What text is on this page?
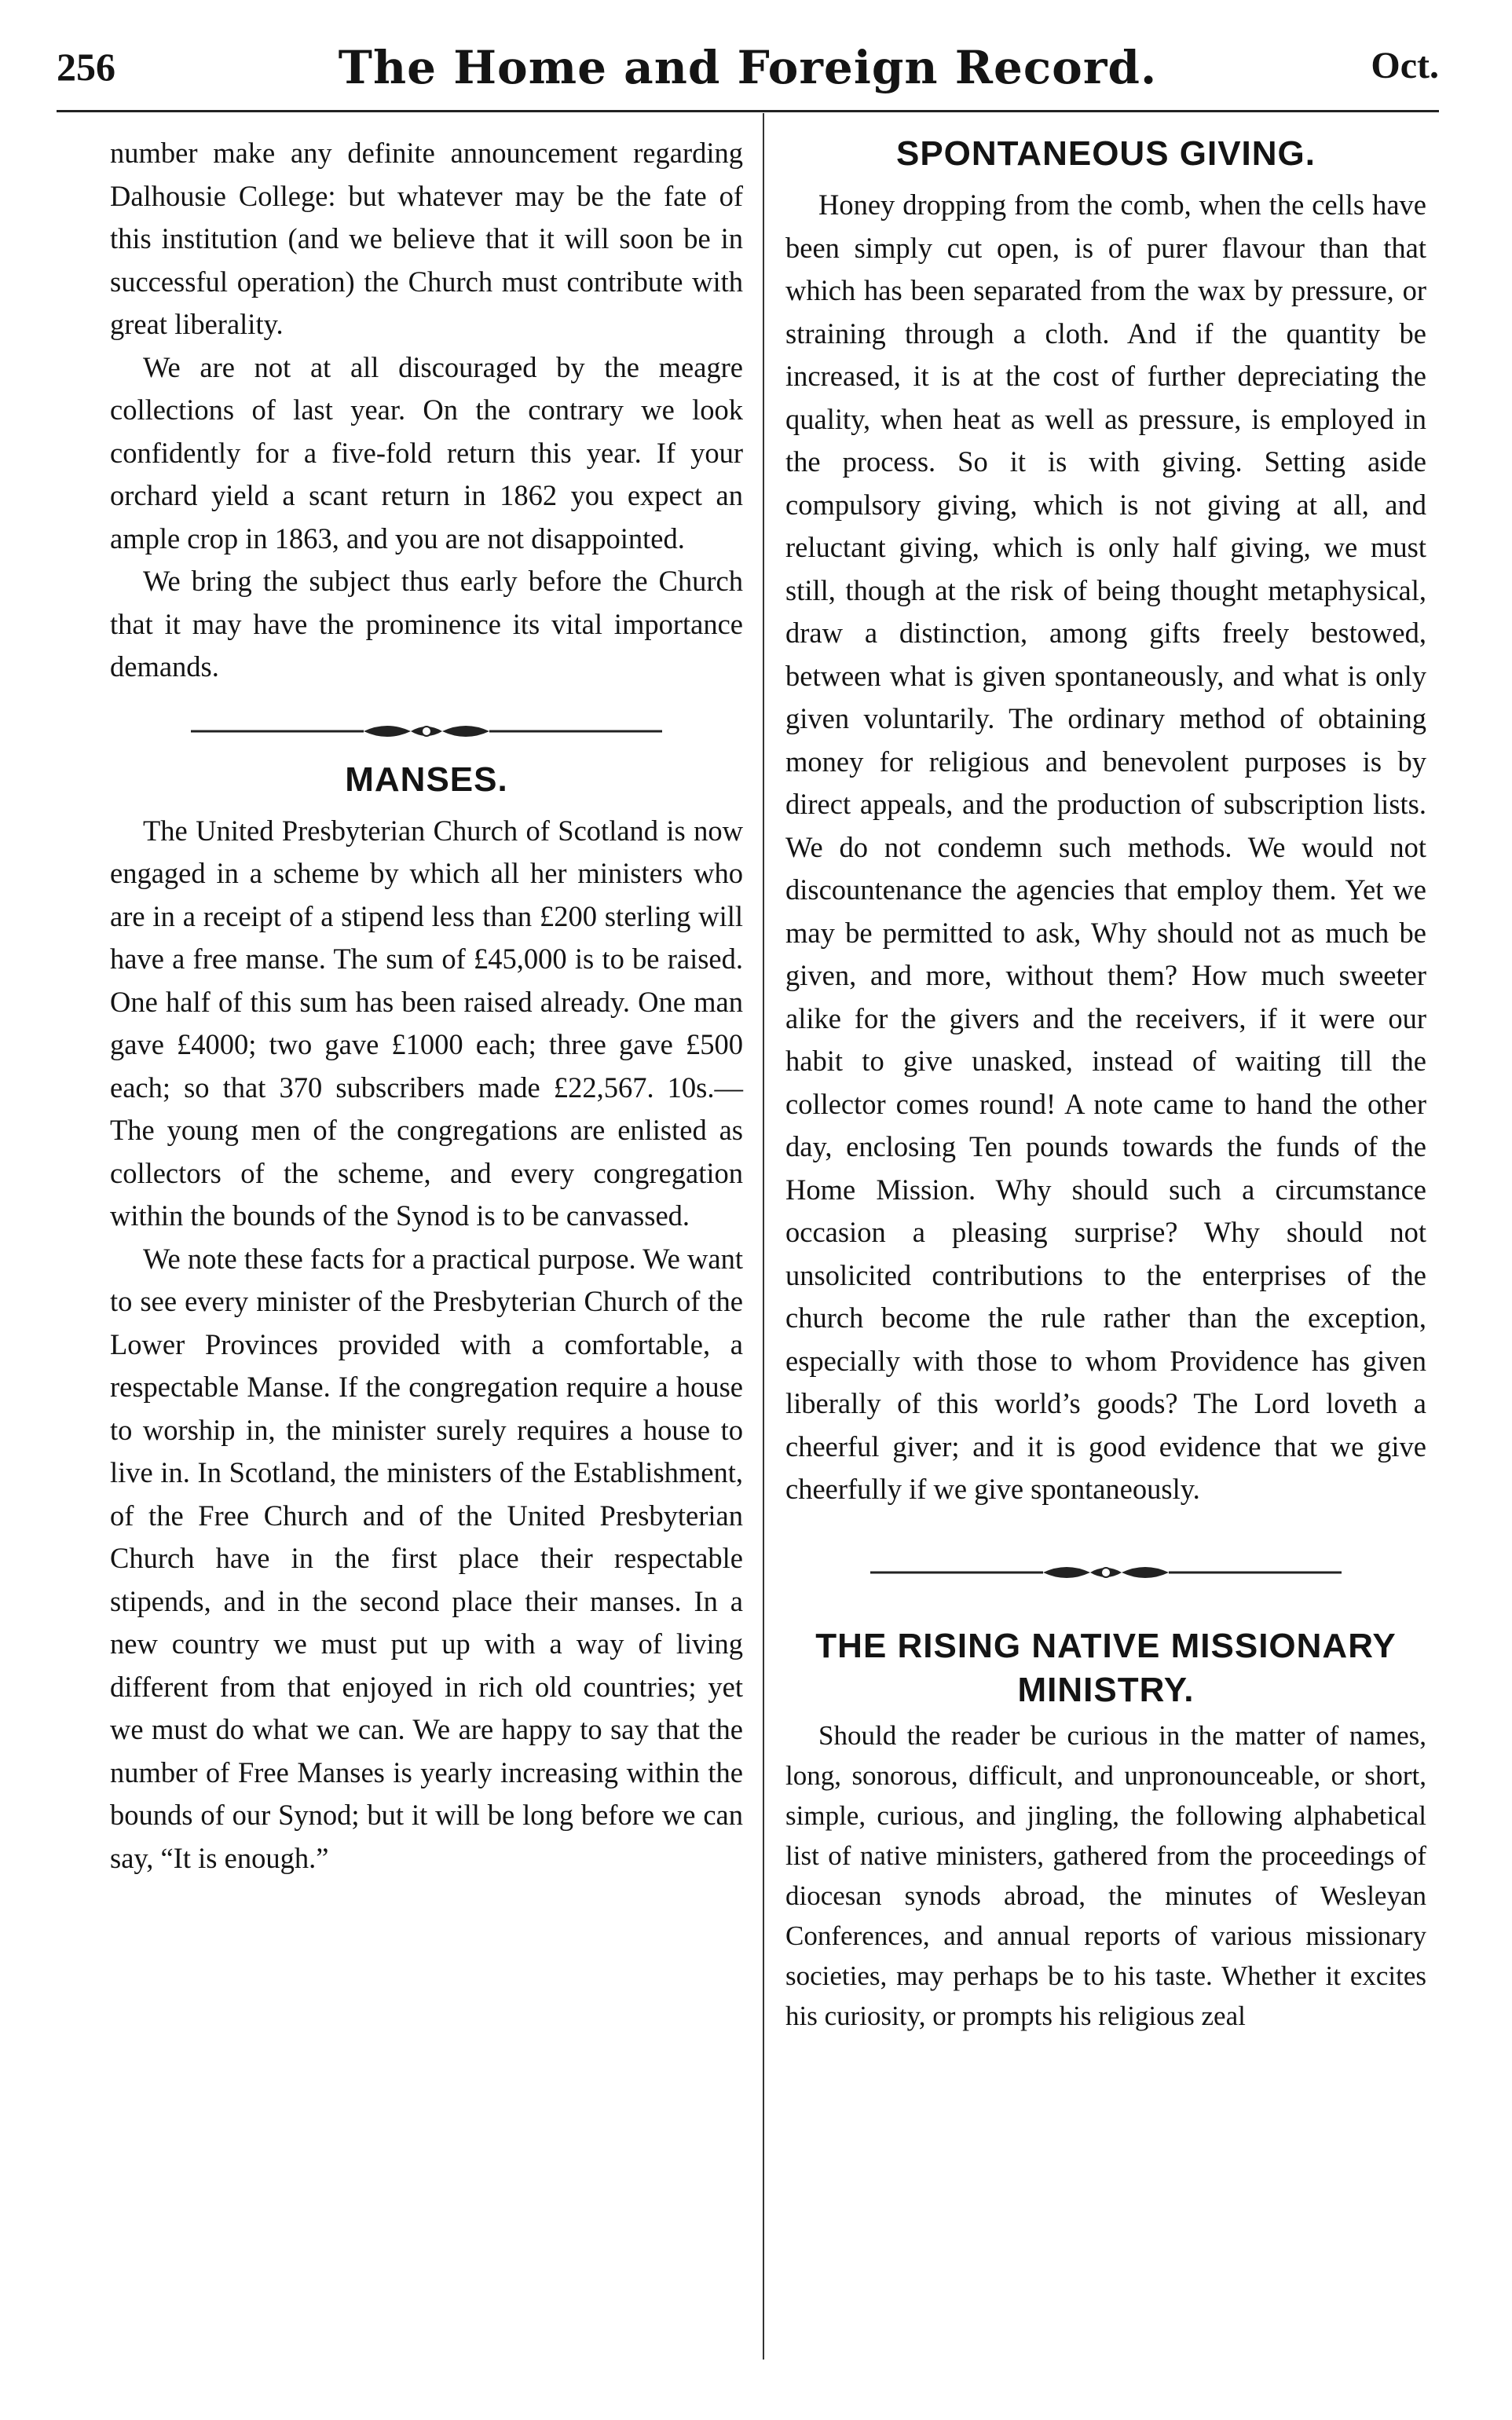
256	The Home and Foreign Record.	Oct.

number make any definite announcement regarding Dalhousie College: but whatever may be the fate of this institution (and we believe that it will soon be in successful operation) the Church must contribute with great liberality.

We are not at all discouraged by the meagre collections of last year. On the contrary we look confidently for a five-fold return this year. If your orchard yield a scant return in 1862 you expect an ample crop in 1863, and you are not disappointed.

We bring the subject thus early before the Church that it may have the prominence its vital importance demands.

MANSES.

The United Presbyterian Church of Scotland is now engaged in a scheme by which all her ministers who are in a receipt of a stipend less than £200 sterling will have a free manse. The sum of £45,000 is to be raised. One half of this sum has been raised already. One man gave £4000; two gave £1000 each; three gave £500 each; so that 370 subscribers made £22,567. 10s.—The young men of the congregations are enlisted as collectors of the scheme, and every congregation within the bounds of the Synod is to be canvassed.

We note these facts for a practical purpose. We want to see every minister of the Presbyterian Church of the Lower Provinces provided with a comfortable, a respectable Manse. If the congregation require a house to worship in, the minister surely requires a house to live in. In Scotland, the ministers of the Establishment, of the Free Church and of the United Presbyterian Church have in the first place their respectable stipends, and in the second place their manses. In a new country we must put up with a way of living different from that enjoyed in rich old countries; yet we must do what we can. We are happy to say that the number of Free Manses is yearly increasing within the bounds of our Synod; but it will be long before we can say, “It is enough.”

SPONTANEOUS GIVING.

Honey dropping from the comb, when the cells have been simply cut open, is of purer flavour than that which has been separated from the wax by pressure, or straining through a cloth. And if the quantity be increased, it is at the cost of further depreciating the quality, when heat as well as pressure, is employed in the process. So it is with giving. Setting aside compulsory giving, which is not giving at all, and reluctant giving, which is only half giving, we must still, though at the risk of being thought metaphysical, draw a distinction, among gifts freely bestowed, between what is given spontaneously, and what is only given voluntarily. The ordinary method of obtaining money for religious and benevolent purposes is by direct appeals, and the production of subscription lists. We do not condemn such methods. We would not discountenance the agencies that employ them. Yet we may be permitted to ask, Why should not as much be given, and more, without them? How much sweeter alike for the givers and the receivers, if it were our habit to give unasked, instead of waiting till the collector comes round! A note came to hand the other day, enclosing Ten pounds towards the funds of the Home Mission. Why should such a circumstance occasion a pleasing surprise? Why should not unsolicited contributions to the enterprises of the church become the rule rather than the exception, especially with those to whom Providence has given liberally of this world’s goods? The Lord loveth a cheerful giver; and it is good evidence that we give cheerfully if we give spontaneously.

THE RISING NATIVE MISSIONARY
MINISTRY.

Should the reader be curious in the matter of names, long, sonorous, difficult, and unpronounceable, or short, simple, curious, and jingling, the following alphabetical list of native ministers, gathered from the proceedings of diocesan synods abroad, the minutes of Wesleyan Conferences, and annual reports of various missionary societies, may perhaps be to his taste. Whether it excites his curiosity, or prompts his religious zeal
